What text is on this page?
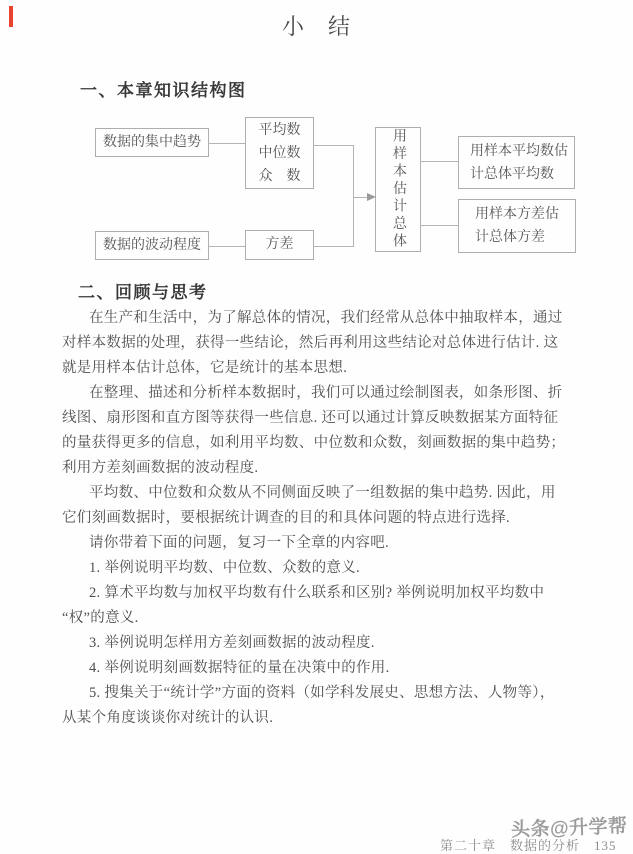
小　结
一、本章知识结构图
数据的集中趋势
平均数
中位数
众　数
数据的波动程度	方差	用样本估计总体	用样本平均数估
计总体平均数
用样本方差估
计总体方差
二、回顾与思考
在生产和生活中，为了解总体的情况，我们经常从总体中抽取样本，通过
对样本数据的处理，获得一些结论，然后再利用这些结论对总体进行估计. 这
就是用样本估计总体，它是统计的基本思想.
在整理、描述和分析样本数据时，我们可以通过绘制图表，如条形图、折
线图、扇形图和直方图等获得一些信息. 还可以通过计算反映数据某方面特征
的量获得更多的信息，如利用平均数、中位数和众数，刻画数据的集中趋势；
利用方差刻画数据的波动程度.
平均数、中位数和众数从不同侧面反映了一组数据的集中趋势. 因此，用
它们刻画数据时，要根据统计调查的目的和具体问题的特点进行选择.
请你带着下面的问题，复习一下全章的内容吧.
1. 举例说明平均数、中位数、众数的意义.
2. 算术平均数与加权平均数有什么联系和区别? 举例说明加权平均数中
“权”的意义.
3. 举例说明怎样用方差刻画数据的波动程度.
4. 举例说明刻画数据特征的量在决策中的作用.
5. 搜集关于“统计学”方面的资料（如学科发展史、思想方法、人物等），
从某个角度谈谈你对统计的认识.
头条@升学帮
第二十章　数据的分析　135
